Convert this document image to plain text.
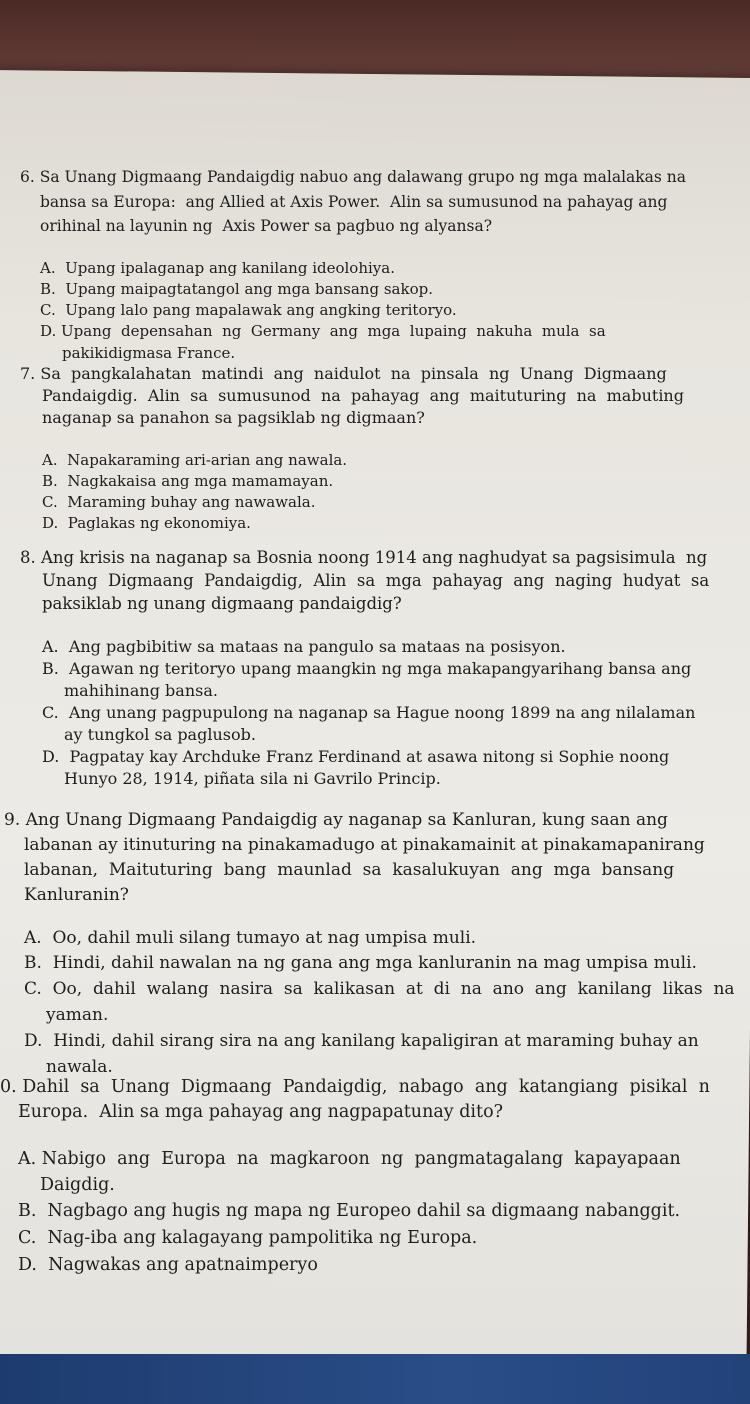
6. Sa Unang Digmaang Pandaigdig nabuo ang dalawang grupo ng mga malalakas na
bansa sa Europa:  ang Allied at Axis Power.  Alin sa sumusunod na pahayag ang
orihinal na layunin ng  Axis Power sa pagbuo ng alyansa?
A.  Upang ipalaganap ang kanilang ideolohiya.
B.  Upang maipagtatangol ang mga bansang sakop.
C.  Upang lalo pang mapalawak ang angking teritoryo.
D. Upang  depensahan  ng  Germany  ang  mga  lupaing  nakuha  mula  sa
pakikidigmasa France.
7. Sa  pangkalahatan  matindi  ang  naidulot  na  pinsala  ng  Unang  Digmaang
Pandaigdig.  Alin  sa  sumusunod  na  pahayag  ang  maituturing  na  mabuting
naganap sa panahon sa pagsiklab ng digmaan?
A.  Napakaraming ari-arian ang nawala.
B.  Nagkakaisa ang mga mamamayan.
C.  Maraming buhay ang nawawala.
D.  Paglakas ng ekonomiya.
8. Ang krisis na naganap sa Bosnia noong 1914 ang naghudyat sa pagsisimula  ng
Unang  Digmaang  Pandaigdig,  Alin  sa  mga  pahayag  ang  naging  hudyat  sa
paksiklab ng unang digmaang pandaigdig?
A.  Ang pagbibitiw sa mataas na pangulo sa mataas na posisyon.
B.  Agawan ng teritoryo upang maangkin ng mga makapangyarihang bansa ang
mahihinang bansa.
C.  Ang unang pagpupulong na naganap sa Hague noong 1899 na ang nilalaman
ay tungkol sa paglusob.
D.  Pagpatay kay Archduke Franz Ferdinand at asawa nitong si Sophie noong
Hunyo 28, 1914, piñata sila ni Gavrilo Princip.
9. Ang Unang Digmaang Pandaigdig ay naganap sa Kanluran, kung saan ang
labanan ay itinuturing na pinakamadugo at pinakamainit at pinakamapanirang
labanan,  Maituturing  bang  maunlad  sa  kasalukuyan  ang  mga  bansang
Kanluranin?
A.  Oo, dahil muli silang tumayo at nag umpisa muli.
B.  Hindi, dahil nawalan na ng gana ang mga kanluranin na mag umpisa muli.
C.  Oo,  dahil  walang  nasira  sa  kalikasan  at  di  na  ano  ang  kanilang  likas  na
yaman.
D.  Hindi, dahil sirang sira na ang kanilang kapaligiran at maraming buhay an
nawala.
0. Dahil  sa  Unang  Digmaang  Pandaigdig,  nabago  ang  katangiang  pisikal  n
Europa.  Alin sa mga pahayag ang nagpapatunay dito?
A. Nabigo  ang  Europa  na  magkaroon  ng  pangmatagalang  kapayapaan
Daigdig.
B.  Nagbago ang hugis ng mapa ng Europeo dahil sa digmaang nabanggit.
C.  Nag-iba ang kalagayang pampolitika ng Europa.
D.  Nagwakas ang apatnaimperyo
